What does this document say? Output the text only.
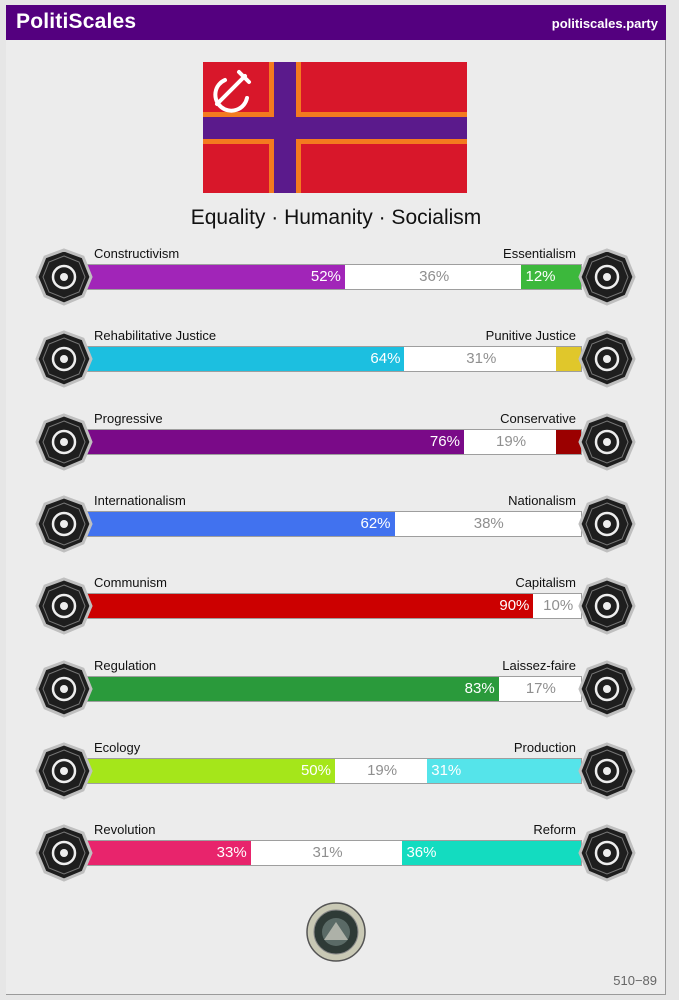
PolitiScales	politiscales.party
Equality · Humanity · Socialism
Constructivism	Essentialism
52%	36%	12%
Rehabilitative Justice	Punitive Justice
64%	31%
Progressive	Conservative
76%	19%
Internationalism	Nationalism
62%	38%
Communism	Capitalism
90% 10%
Regulation	Laissez-faire
83%	17%
Ecology	Production
50%	19%	31%
Revolution	Reform
33%	31%	36%
510−89
